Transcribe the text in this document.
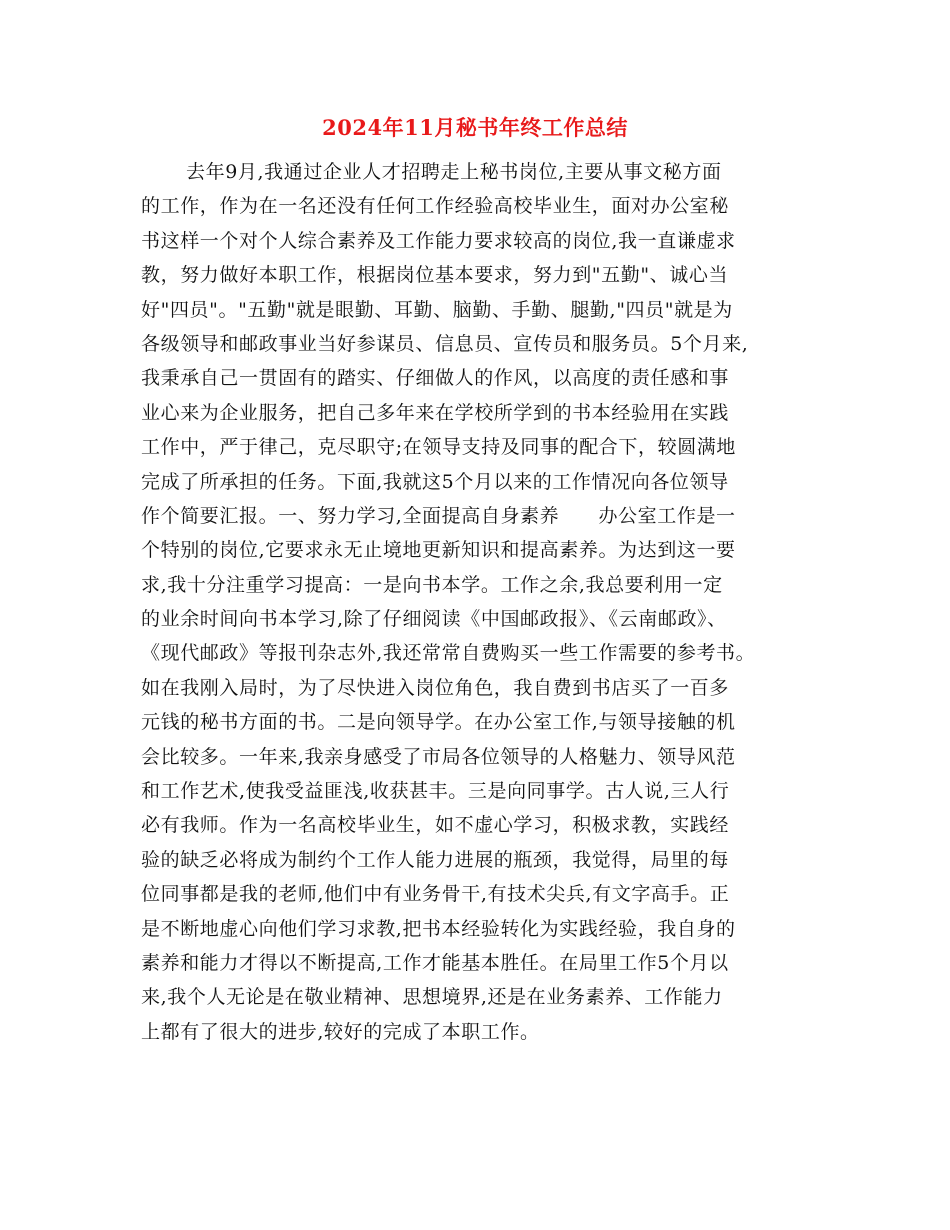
2024年11月秘书年终工作总结
去年9月,我通过企业人才招聘走上秘书岗位,主要从事文秘方面
的工作，作为在一名还没有任何工作经验高校毕业生，面对办公室秘
书这样一个对个人综合素养及工作能力要求较高的岗位,我一直谦虚求
教，努力做好本职工作，根据岗位基本要求，努力到"五勤"、诚心当
好"四员"。"五勤"就是眼勤、耳勤、脑勤、手勤、腿勤,"四员"就是为
各级领导和邮政事业当好参谋员、信息员、宣传员和服务员。5个月来,
我秉承自己一贯固有的踏实、仔细做人的作风，以高度的责任感和事
业心来为企业服务，把自己多年来在学校所学到的书本经验用在实践
工作中，严于律己，克尽职守;在领导支持及同事的配合下，较圆满地
完成了所承担的任务。下面,我就这5个月以来的工作情况向各位领导
作个简要汇报。一、努力学习,全面提高自身素养　　办公室工作是一
个特别的岗位,它要求永无止境地更新知识和提高素养。为达到这一要
求,我十分注重学习提高：一是向书本学。工作之余,我总要利用一定
的业余时间向书本学习,除了仔细阅读《中国邮政报》、《云南邮政》、
《现代邮政》等报刊杂志外,我还常常自费购买一些工作需要的参考书。
如在我刚入局时，为了尽快进入岗位角色，我自费到书店买了一百多
元钱的秘书方面的书。二是向领导学。在办公室工作,与领导接触的机
会比较多。一年来,我亲身感受了市局各位领导的人格魅力、领导风范
和工作艺术,使我受益匪浅,收获甚丰。三是向同事学。古人说,三人行
必有我师。作为一名高校毕业生，如不虚心学习，积极求教，实践经
验的缺乏必将成为制约个工作人能力进展的瓶颈，我觉得，局里的每
位同事都是我的老师,他们中有业务骨干,有技术尖兵,有文字高手。正
是不断地虚心向他们学习求教,把书本经验转化为实践经验，我自身的
素养和能力才得以不断提高,工作才能基本胜任。在局里工作5个月以
来,我个人无论是在敬业精神、思想境界,还是在业务素养、工作能力
上都有了很大的进步,较好的完成了本职工作。
